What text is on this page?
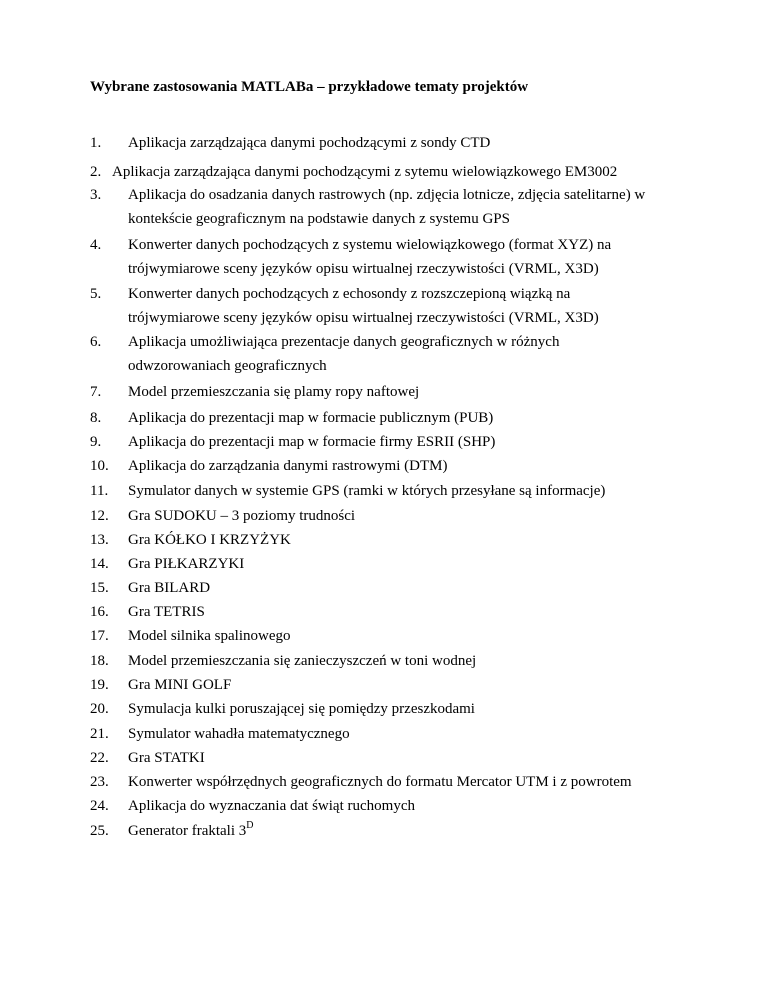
Wybrane zastosowania MATLABa – przykładowe tematy projektów
1. Aplikacja zarządzająca danymi pochodzącymi z sondy CTD
2. Aplikacja zarządzająca danymi pochodzącymi z sytemu wielowiązkowego EM3002
3. Aplikacja do osadzania danych rastrowych (np. zdjęcia lotnicze, zdjęcia satelitarne) w
kontekście geograficznym na podstawie danych z systemu GPS
4. Konwerter danych pochodzących z systemu wielowiązkowego (format XYZ) na
trójwymiarowe sceny języków opisu wirtualnej rzeczywistości (VRML, X3D)
5. Konwerter danych pochodzących z echosondy z rozszczepioną wiązką na
trójwymiarowe sceny języków opisu wirtualnej rzeczywistości (VRML, X3D)
6. Aplikacja umożliwiająca prezentacje danych geograficznych w różnych
odwzorowaniach geograficznych
7. Model przemieszczania się plamy ropy naftowej
8. Aplikacja do prezentacji map w formacie publicznym (PUB)
9. Aplikacja do prezentacji map w formacie firmy ESRII (SHP)
10. Aplikacja do zarządzania danymi rastrowymi (DTM)
11. Symulator danych w systemie GPS (ramki w których przesyłane są informacje)
12. Gra SUDOKU – 3 poziomy trudności
13. Gra KÓŁKO I KRZYŻYK
14. Gra PIŁKARZYKI
15. Gra BILARD
16. Gra TETRIS
17. Model silnika spalinowego
18. Model przemieszczania się zanieczyszczeń w toni wodnej
19. Gra MINI GOLF
20. Symulacja kulki poruszającej się pomiędzy przeszkodami
21. Symulator wahadła matematycznego
22. Gra STATKI
23. Konwerter współrzędnych geograficznych do formatu Mercator UTM i z powrotem
24. Aplikacja do wyznaczania dat świąt ruchomych
25. Generator fraktali $3^D$
